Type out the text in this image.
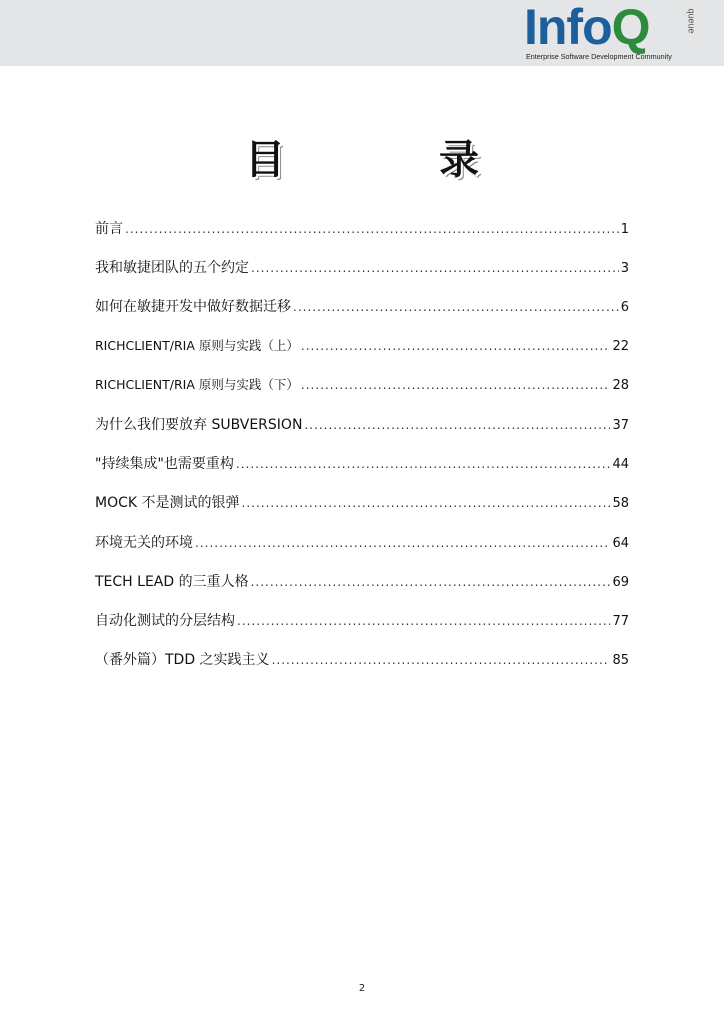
InfoQ	queue
Enterprise Software Development Community
目 录
前言 .....	1
我和敏捷团队的五个约定 .....	3
如何在敏捷开发中做好数据迁移 .....	6
RICHCLIENT/RIA 原则与实践（上） .....	22
RICHCLIENT/RIA 原则与实践（下） .....	28
为什么我们要放弃 SUBVERSION .....	37
"持续集成"也需要重构 .....	44
MOCK 不是测试的银弹 .....	58
环境无关的环境 .....	64
TECH LEAD 的三重人格 .....	69
自动化测试的分层结构 .....	77
（番外篇）TDD 之实践主义 .....	85
2
